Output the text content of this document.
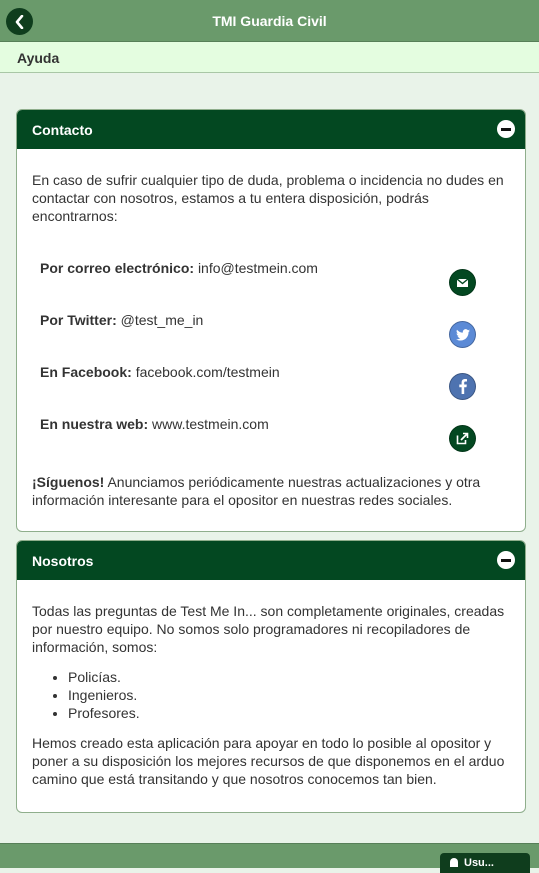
TMI Guardia Civil
Ayuda
Contacto

En caso de sufrir cualquier tipo de duda, problema o incidencia no dudes en contactar con nosotros, estamos a tu entera disposición, podrás encontrarnos:

Por correo electrónico: info@testmein.com
Por Twitter: @test_me_in
En Facebook: facebook.com/testmein
En nuestra web: www.testmein.com

¡Síguenos! Anunciamos periódicamente nuestras actualizaciones y otra información interesante para el opositor en nuestras redes sociales.

Nosotros

Todas las preguntas de Test Me In... son completamente originales, creadas por nuestro equipo. No somos solo programadores ni recopiladores de información, somos:

• Policías.
• Ingenieros.
• Profesores.

Hemos creado esta aplicación para apoyar en todo lo posible al opositor y poner a su disposición los mejores recursos de que disponemos en el arduo camino que está transitando y que nosotros conocemos tan bien.

Usu...
